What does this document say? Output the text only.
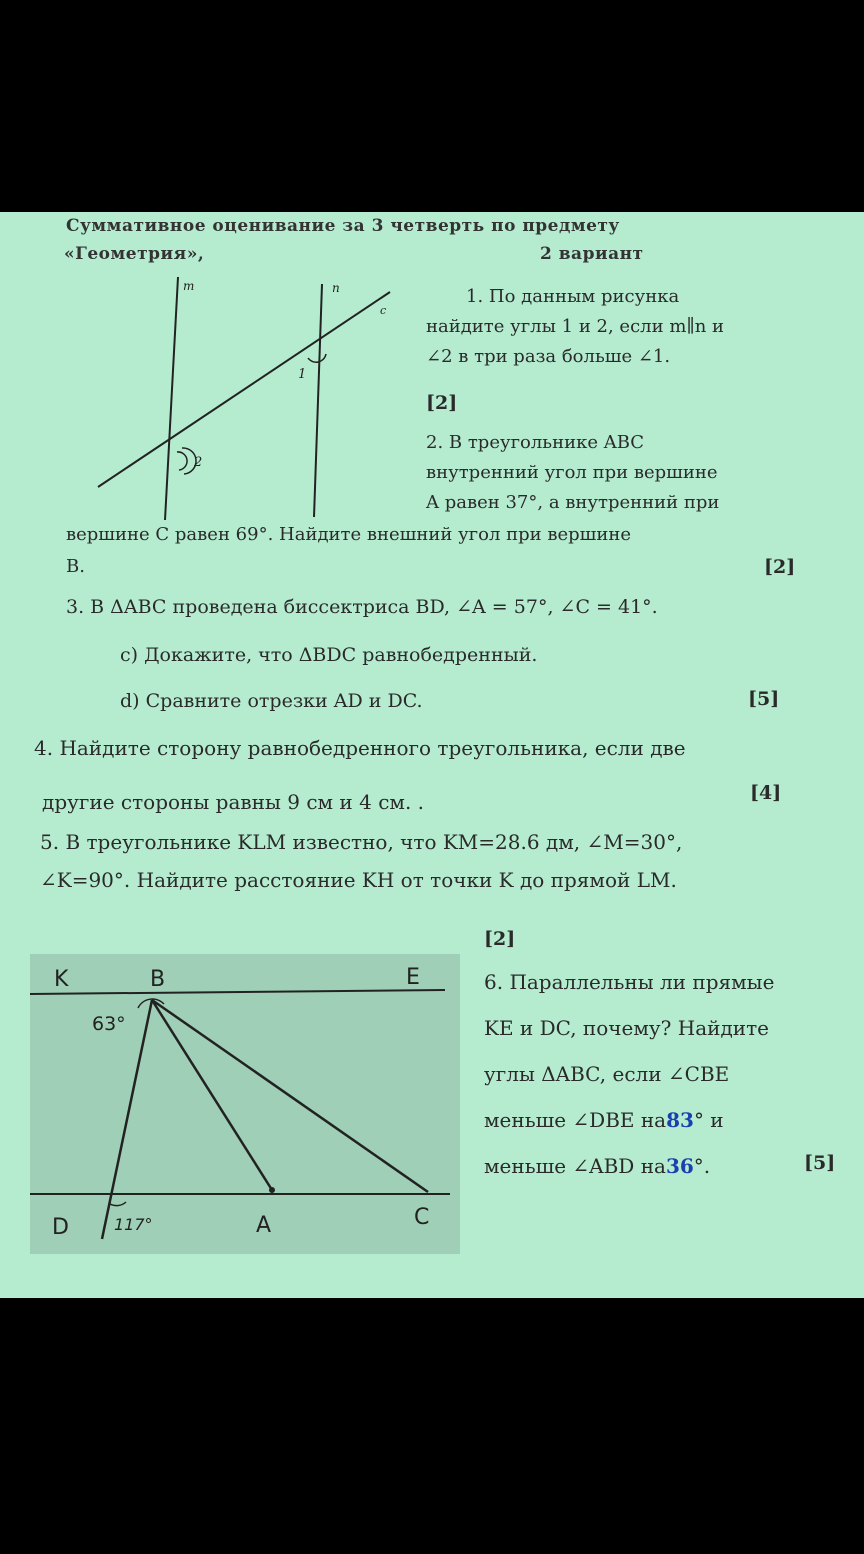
Суммативное оценивание за 3 четверть по предмету
«Геометрия»,	2 вариант
m	n
c
1
2
1. По данным рисунка
найдите углы 1 и 2, если m∥n и
∠2 в три раза больше ∠1.
[2]
2. В треугольнике ABC
внутренний угол при вершине
A равен 37°, а внутренний при
вершине C равен 69°. Найдите внешний угол при вершине
B.	[2]
3. В ΔABC проведена биссектриса BD, ∠A = 57°, ∠C = 41°.
c) Докажите, что ΔBDC равнобедренный.
d) Сравните отрезки AD и DC.	[5]
4. Найдите сторону равнобедренного треугольника, если две
другие стороны равны 9 см и 4 см. .	[4]
5. В треугольнике KLM известно, что KM=28.6 дм, ∠M=30°,
∠K=90°. Найдите расстояние KH от точки K до прямой LM.
[2]
K	B	E
63°
D	117°	A	C
6. Параллельны ли прямые
KE и DC, почему? Найдите
углы ΔABC, если ∠CBE
меньше ∠DBE на83° и
меньше ∠ABD на36°.	[5]
